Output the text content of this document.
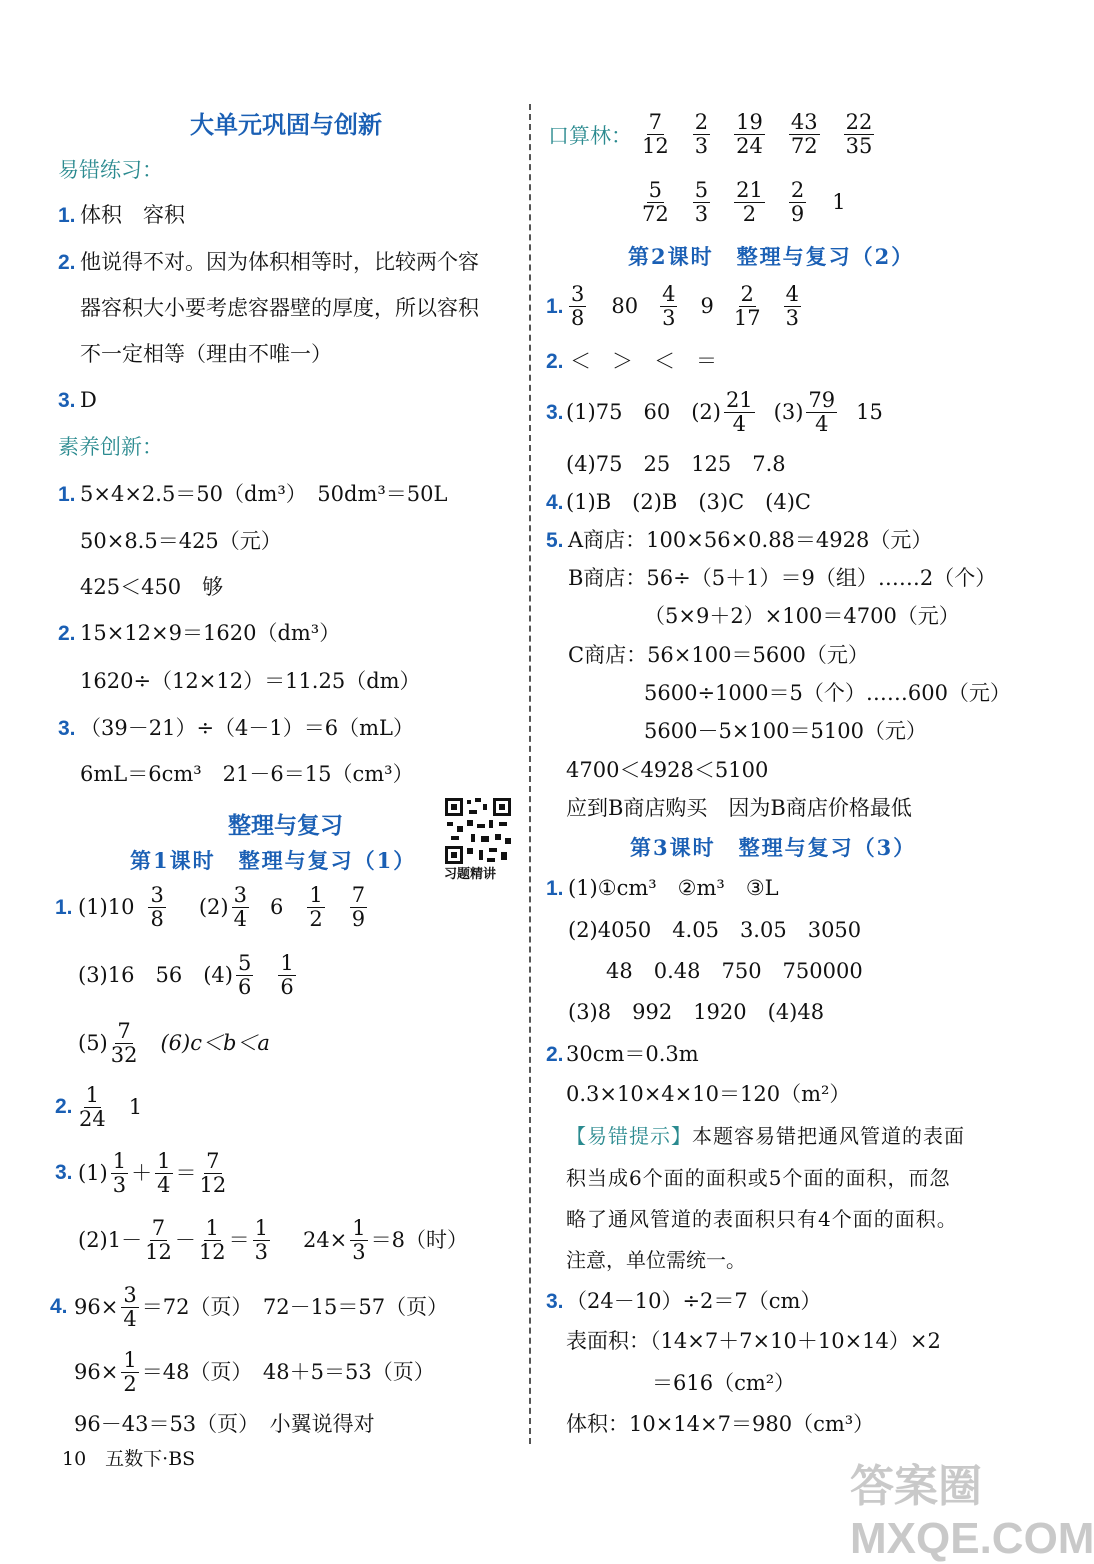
大单元巩固与创新
易错练习：
1. 体积　容积
2. 他说得不对。因为体积相等时，比较两个容
器容积大小要考虑容器壁的厚度，所以容积
不一定相等（理由不唯一）
3. D
素养创新：
1. 5×4×2.5＝50（dm³）　50dm³＝50L
50×8.5＝425（元）
425＜450　够
2. 15×12×9＝1620（dm³）
1620÷（12×12）＝11.25（dm）
3. （39－21）÷（4－1）＝6（mL）
6mL＝6cm³　21－6＝15（cm³）
整理与复习
第1课时　整理与复习（1）
习题精讲
1. $(1)10 \frac{3}{8} (2) \frac{3}{4} 6 \frac{1}{2} \frac{7}{9}$
(3)16　56　$(4) \frac{5}{6} \frac{1}{6}$
$(5) \frac{7}{32} (6)c<b<a$
2. $\frac{1}{24} 1$
3. $(1) \frac{1}{3} + \frac{1}{4} = \frac{7}{12}$
$(2)1- \frac{7}{12} - \frac{1}{12} = \frac{1}{3} 24\times \frac{1}{3} =8$（时）
4. $96\times \frac{3}{4} =72$（页）　72－15＝57（页）
$96\times \frac{1}{2} =48$（页）　48＋5＝53（页）
96－43＝53（页）　小翼说得对
10　五数下·BS
口算林： $\frac{7}{12} \frac{2}{3} \frac{19}{24} \frac{43}{72} \frac{22}{35}$
$\frac{5}{72} \frac{5}{3} \frac{21}{2} \frac{2}{9} 1$
第2课时　整理与复习（2）
1. $\frac{3}{8} 80 \frac{4}{3} 9 \frac{2}{17} \frac{4}{3}$
2. ＜　＞　＜　＝
3. (1)75　60　$(2) \frac{21}{4} (3) \frac{79}{4} 15$
(4)75　25　125　7.8
4. (1)B　(2)B　(3)C　(4)C
5. A商店：100×56×0.88＝4928（元）
B商店：56÷（5＋1）＝9（组）……2（个）
（5×9＋2）×100＝4700（元）
C商店：56×100＝5600（元）
5600÷1000＝5（个）……600（元）
5600－5×100＝5100（元）
4700＜4928＜5100
应到B商店购买　因为B商店价格最低
第3课时　整理与复习（3）
1. (1)①cm³　②m³　③L
(2)4050　4.05　3.05　3050
48　0.48　750　750000
(3)8　992　1920　(4)48
2. 30cm＝0.3m
0.3×10×4×10＝120（m²）
【易错提示】本题容易错把通风管道的表面
积当成6个面的面积或5个面的面积，而忽
略了通风管道的表面积只有4个面的面积。
注意，单位需统一。
3. （24－10）÷2＝7（cm）
表面积：（14×7＋7×10＋10×14）×2
＝616（cm²）
体积：10×14×7＝980（cm³）
答案圈 MXQE.COM
